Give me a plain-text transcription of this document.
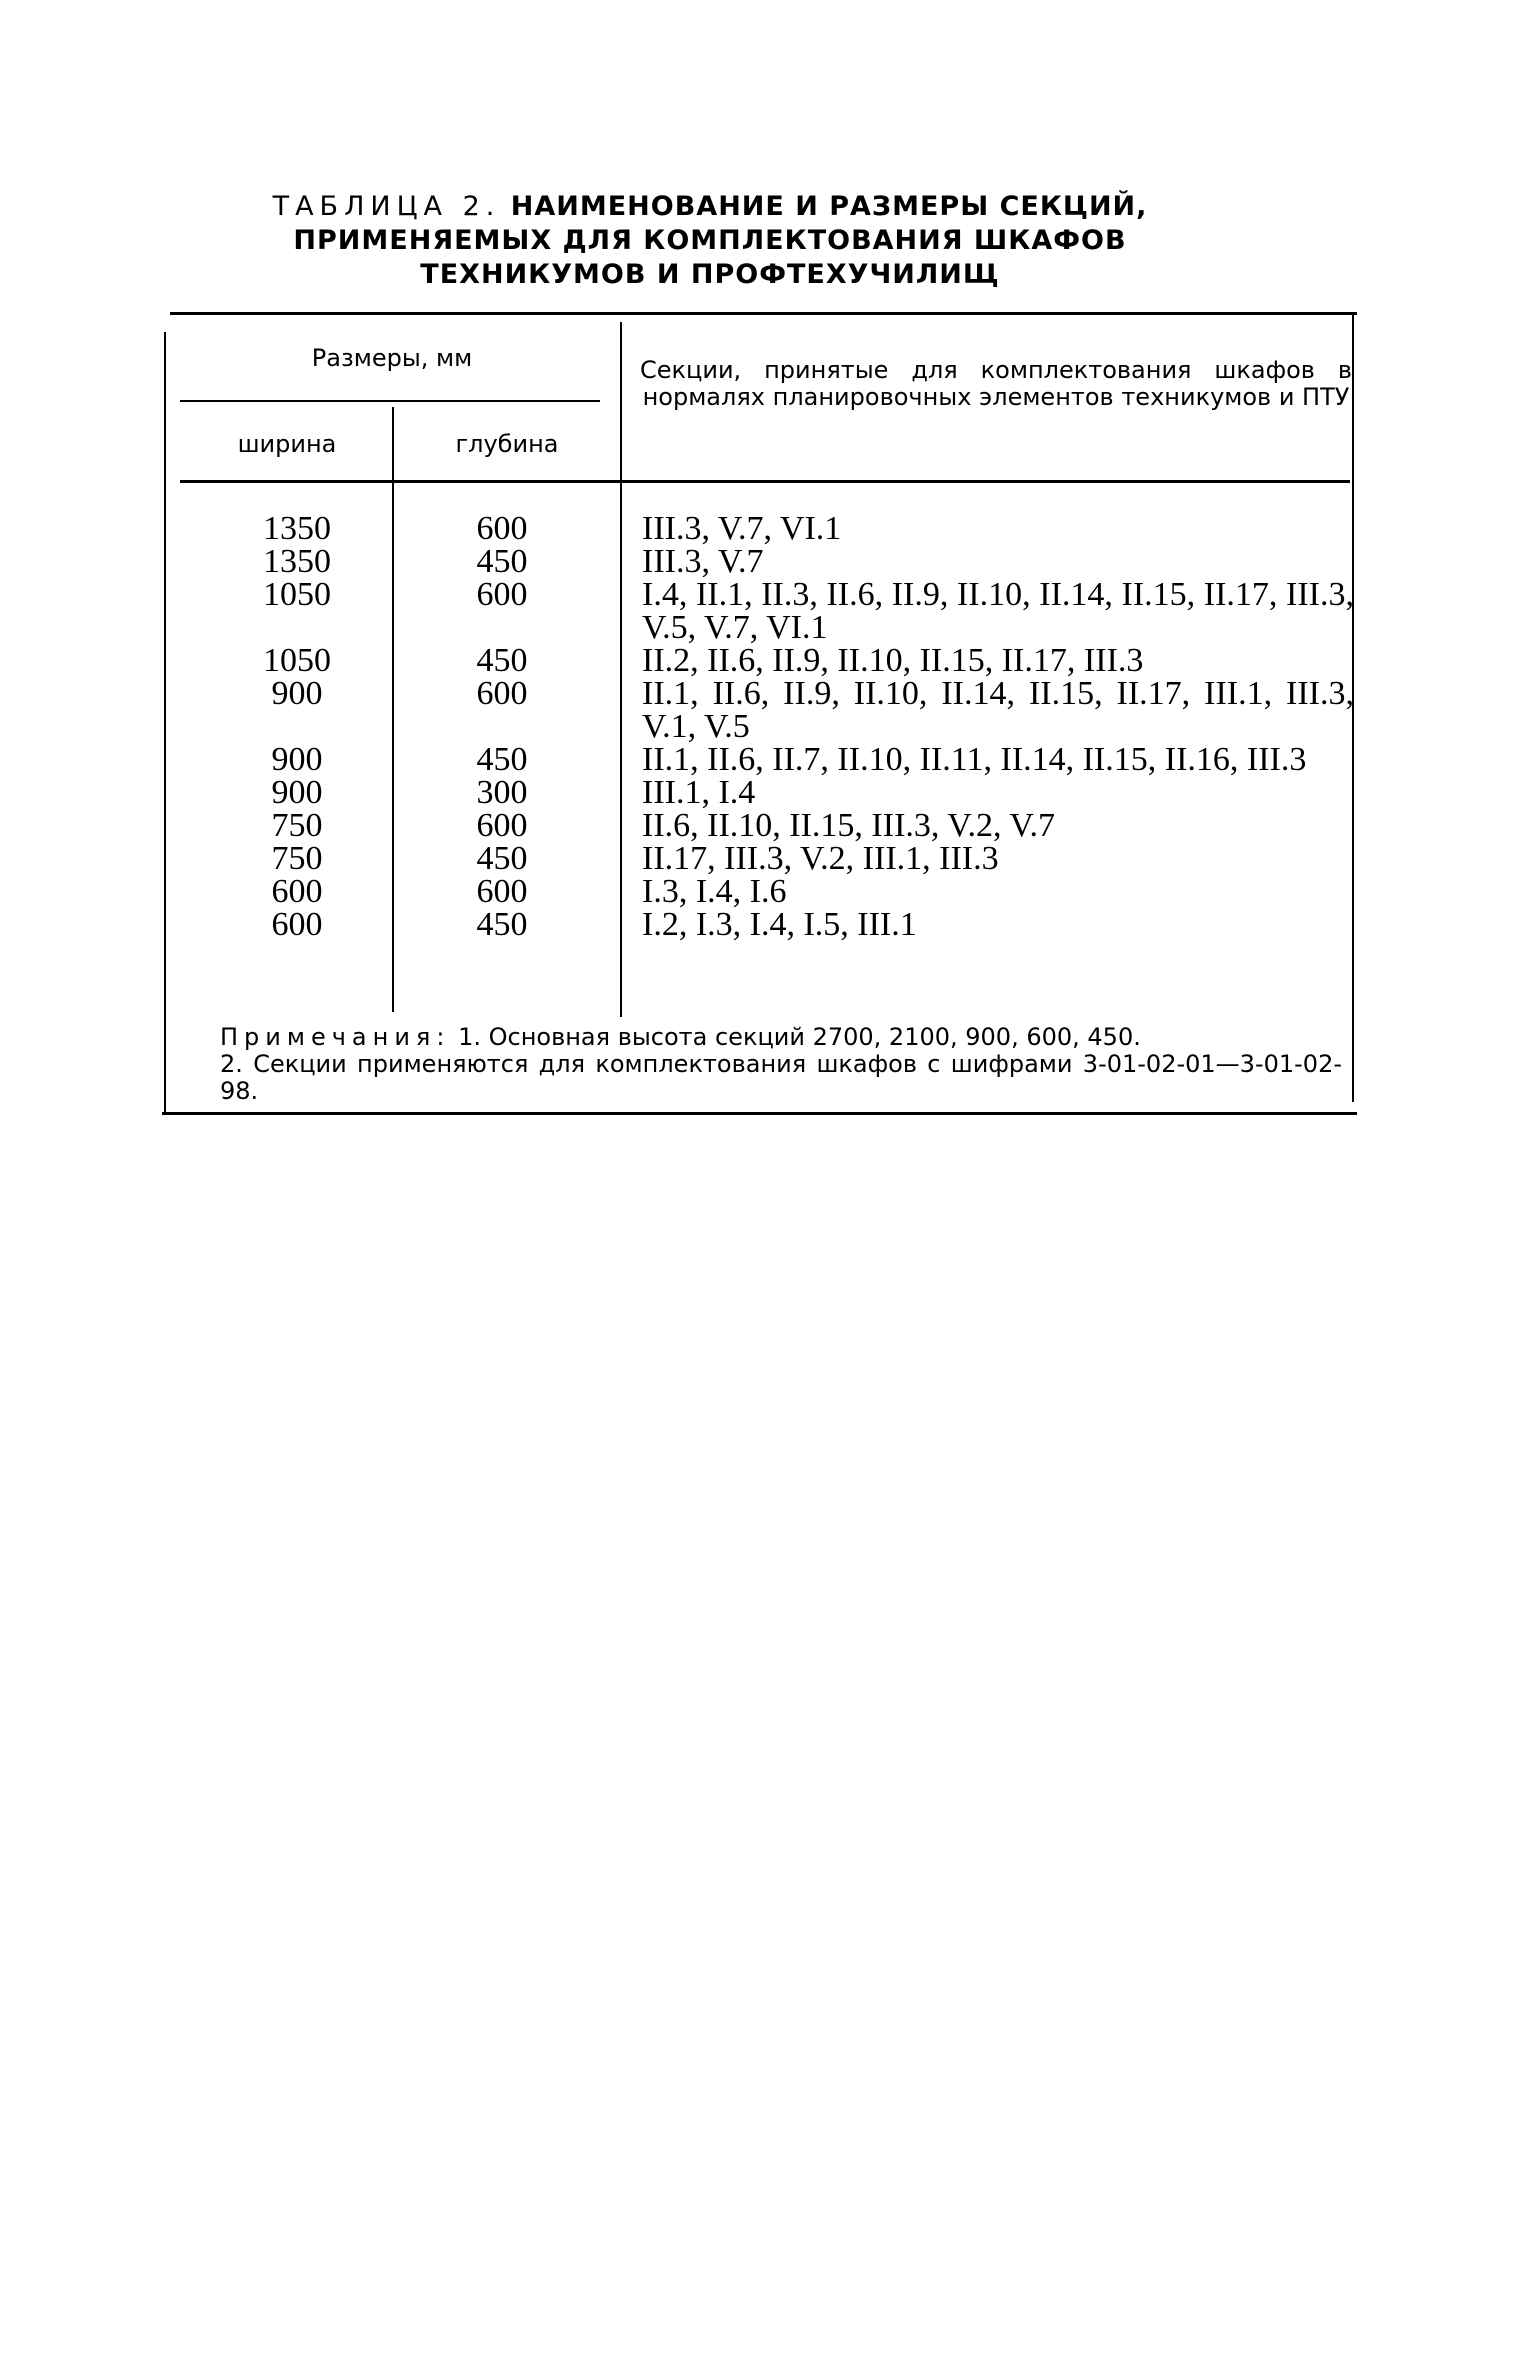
ТАБЛИЦА 2. НАИМЕНОВАНИЕ И РАЗМЕРЫ СЕКЦИЙ,
ПРИМЕНЯЕМЫХ ДЛЯ КОМПЛЕКТОВАНИЯ ШКАФОВ
ТЕХНИКУМОВ И ПРОФТЕХУЧИЛИЩ
Размеры, мм
ширина	глубина
Секции, принятые для комплектования шкафов в нормалях планировочных элементов техникумов и ПТУ
1350	600	III.3, V.7, VI.1
1350	450	III.3, V.7
1050	600	I.4, II.1, II.3, II.6, II.9, II.10, II.14, II.15, II.17, III.3, V.5, V.7, VI.1
1050	450	II.2, II.6, II.9, II.10, II.15, II.17, III.3
900	600	II.1, II.6, II.9, II.10, II.14, II.15, II.17, III.1, III.3, V.1, V.5
900	450	II.1, II.6, II.7, II.10, II.11, II.14, II.15, II.16, III.3
900	300	III.1, I.4
750	600	II.6, II.10, II.15, III.3, V.2, V.7
750	450	II.17, III.3, V.2, III.1, III.3
600	600	I.3, I.4, I.6
600	450	I.2, I.3, I.4, I.5, III.1
Примечания: 1. Основная высота секций 2700, 2100, 900, 600, 450.
2. Секции применяются для комплектования шкафов с шифрами 3-01-02-01—3-01-02-98.
